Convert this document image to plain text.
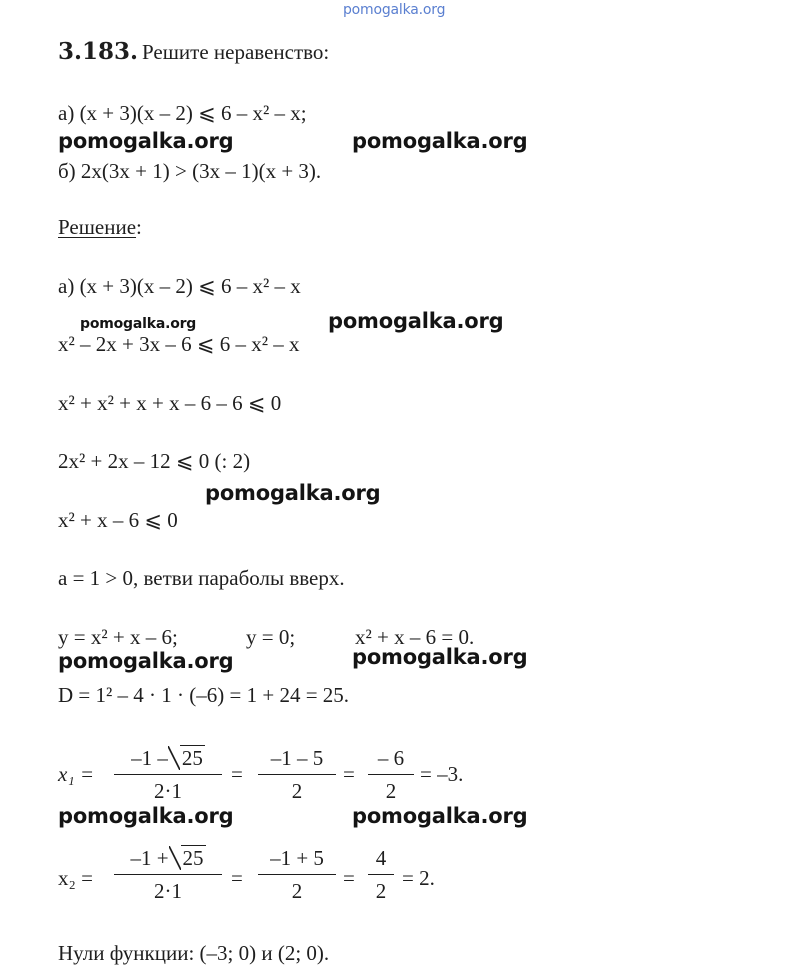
pomogalka.org
3.183. Решите неравенство:
а) (x + 3)(x – 2) ⩽ 6 – x² – x;
pomogalka.org	pomogalka.org
б) 2x(3x + 1) > (3x – 1)(x + 3).
Решение:
а) (x + 3)(x – 2) ⩽ 6 – x² – x
pomogalka.org	pomogalka.org
x² – 2x + 3x – 6 ⩽ 6 – x² – x
x² + x² + x + x – 6 – 6 ⩽ 0
2x² + 2x – 12 ⩽ 0 (: 2)
pomogalka.org
x² + x – 6 ⩽ 0
a = 1 > 0, ветви параболы вверх.
y = x² + x – 6;	y = 0;	x² + x – 6 = 0.
pomogalka.org	pomogalka.org
D = 1² – 4 · 1 · (–6) = 1 + 24 = 25.
x₁ =
–1 – 25
2·1
=
–1 – 5
2
=
– 6
2
= –3.
pomogalka.org	pomogalka.org
x₂ =
–1 + 25
2·1
=
–1 + 5
2
=
4
2
= 2.
Нули функции: (–3; 0) и (2; 0).
